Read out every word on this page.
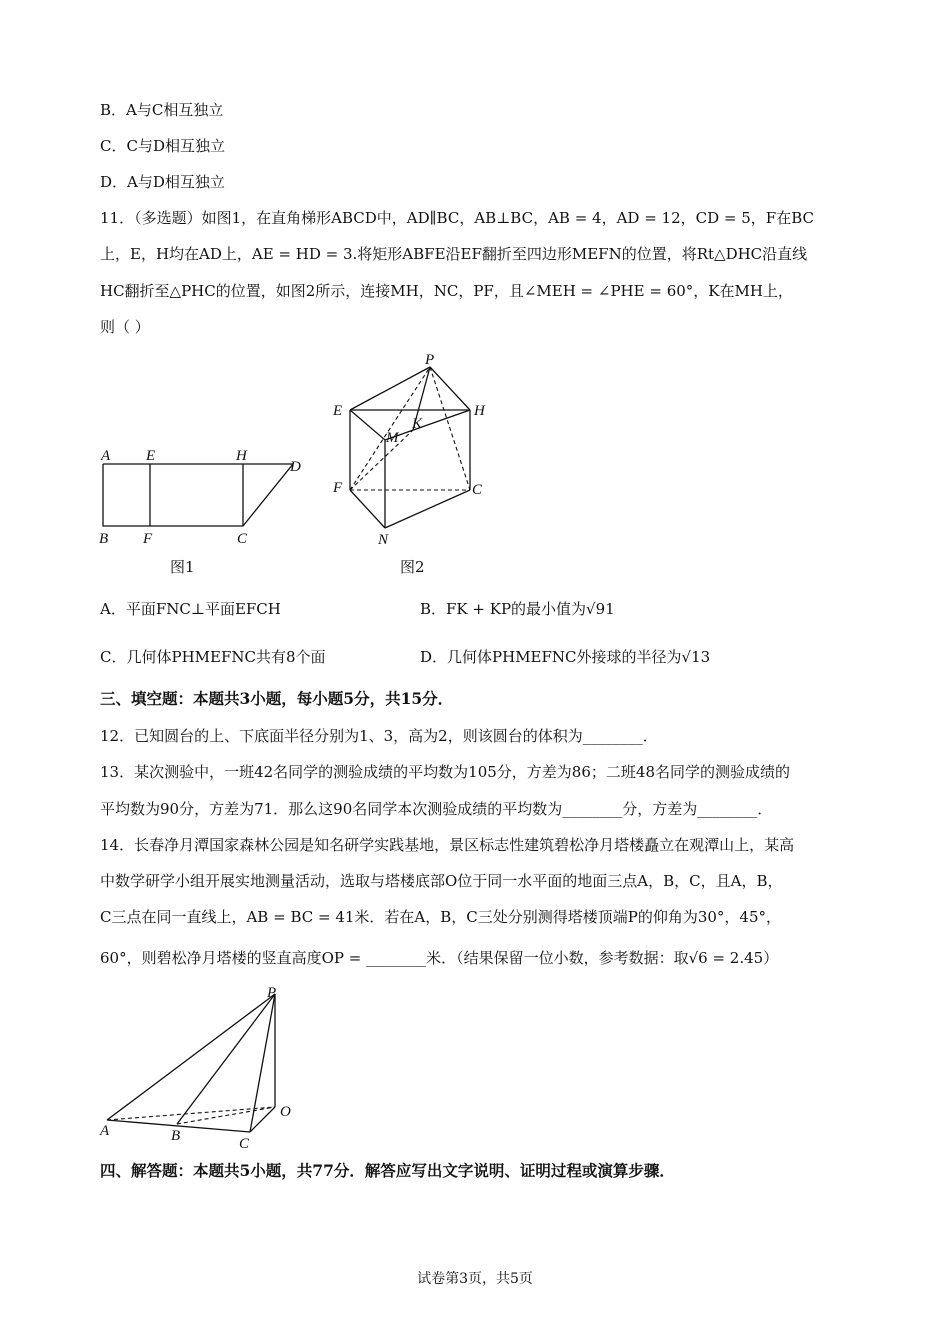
B．A与C相互独立
C．C与D相互独立
D．A与D相互独立
11．（多选题）如图1，在直角梯形ABCD中，AD∥BC，AB⊥BC，AB = 4，AD = 12，CD = 5，F在BC
上，E，H均在AD上，AE = HD = 3.将矩形ABFE沿EF翻折至四边形MEFN的位置，将Rt△DHC沿直线
HC翻折至△PHC的位置，如图2所示，连接MH，NC，PF，且∠MEH = ∠PHE = 60°，K在MH上，
则（ ）
A E	H
D
B F	C
图1
P
E	H
K
M
F	C
N
图2
A．平面FNC⊥平面EFCH	B．FK + KP的最小值为√91
C．几何体PHMEFNC共有8个面	D．几何体PHMEFNC外接球的半径为√13
三、填空题：本题共3小题，每小题5分，共15分．
12．已知圆台的上、下底面半径分别为1、3，高为2，则该圆台的体积为________．
13．某次测验中，一班42名同学的测验成绩的平均数为105分，方差为86；二班48名同学的测验成绩的
平均数为90分，方差为71．那么这90名同学本次测验成绩的平均数为________分，方差为________．
14．长春净月潭国家森林公园是知名研学实践基地，景区标志性建筑碧松净月塔楼矗立在观潭山上，某高
中数学研学小组开展实地测量活动，选取与塔楼底部O位于同一水平面的地面三点A，B，C，且A，B，
C三点在同一直线上，AB = BC = 41米．若在A，B，C三处分别测得塔楼顶端P的仰角为30°，45°，
60°，则碧松净月塔楼的竖直高度OP = ________米．（结果保留一位小数，参考数据：取√6 = 2.45）
P
O
A	B	C
四、解答题：本题共5小题，共77分．解答应写出文字说明、证明过程或演算步骤．
试卷第3页，共5页
